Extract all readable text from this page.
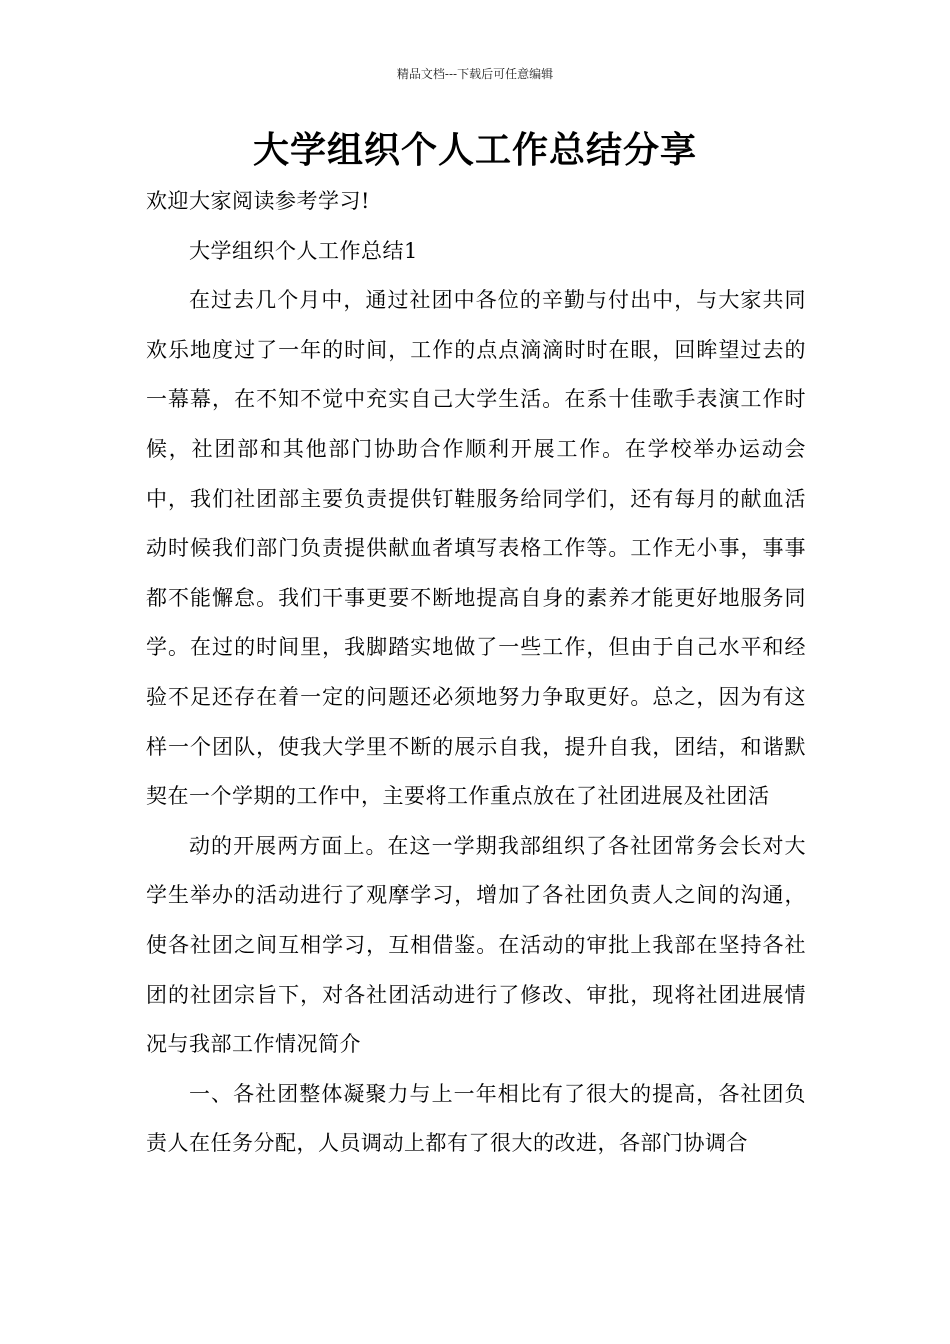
精品文档---下载后可任意编辑
大学组织个人工作总结分享

欢迎大家阅读参考学习!

大学组织个人工作总结1

在过去几个月中，通过社团中各位的辛勤与付出中，与大家共同欢乐地度过了一年的时间，工作的点点滴滴时时在眼，回眸望过去的一幕幕，在不知不觉中充实自己大学生活。在系十佳歌手表演工作时候，社团部和其他部门协助合作顺利开展工作。在学校举办运动会中，我们社团部主要负责提供钉鞋服务给同学们，还有每月的献血活动时候我们部门负责提供献血者填写表格工作等。工作无小事，事事都不能懈怠。我们干事更要不断地提高自身的素养才能更好地服务同学。在过的时间里，我脚踏实地做了一些工作，但由于自己水平和经验不足还存在着一定的问题还必须地努力争取更好。总之，因为有这样一个团队，使我大学里不断的展示自我，提升自我，团结，和谐默契在一个学期的工作中，主要将工作重点放在了社团进展及社团活

动的开展两方面上。在这一学期我部组织了各社团常务会长对大学生举办的活动进行了观摩学习，增加了各社团负责人之间的沟通，使各社团之间互相学习，互相借鉴。在活动的审批上我部在坚持各社团的社团宗旨下，对各社团活动进行了修改、审批，现将社团进展情况与我部工作情况简介

一、各社团整体凝聚力与上一年相比有了很大的提高，各社团负责人在任务分配，人员调动上都有了很大的改进，各部门协调合
